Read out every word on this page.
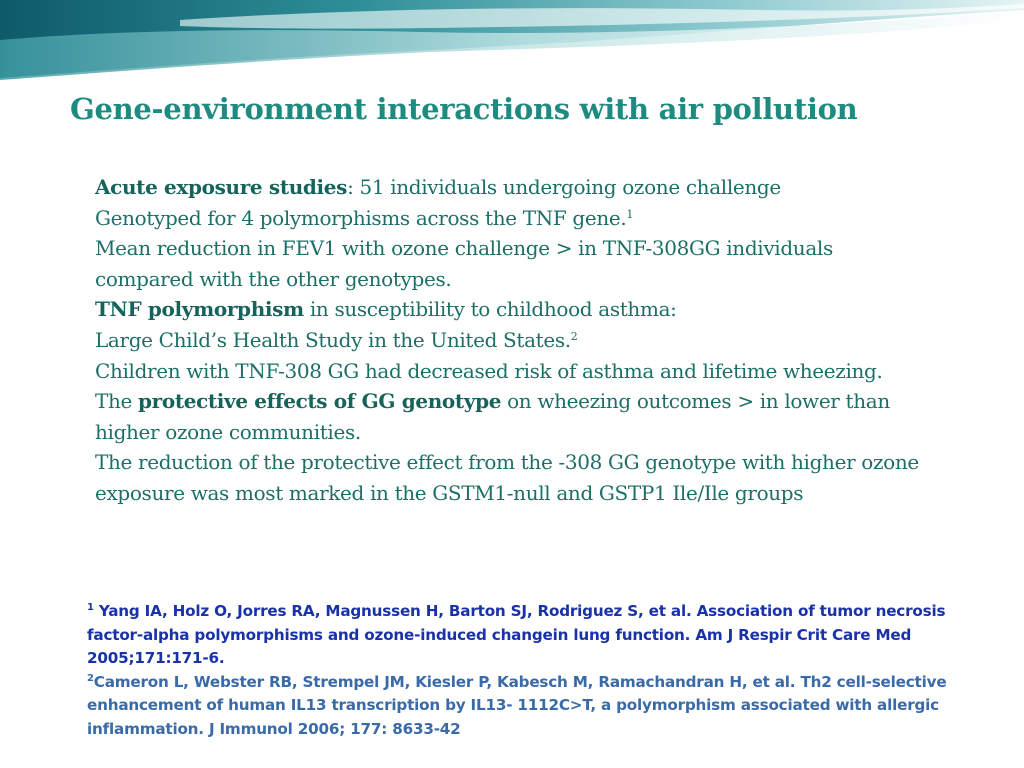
Gene-environment interactions with air pollution

Acute exposure studies: 51 individuals undergoing ozone challenge

Genotyped for 4 polymorphisms across the TNF gene.$^1$

Mean reduction in FEV1 with ozone challenge > in TNF-308GG individuals compared with the other genotypes.

TNF polymorphism in susceptibility to childhood asthma:

Large Child’s Health Study in the United States.$^2$

Children with TNF-308 GG had decreased risk of asthma and lifetime wheezing.

The protective effects of GG genotype on wheezing outcomes > in lower than higher ozone communities.

The reduction of the protective effect from the -308 GG genotype with higher ozone exposure was most marked in the GSTM1-null and GSTP1 Ile/Ile groups

$^1$ Yang IA, Holz O, Jorres RA, Magnussen H, Barton SJ, Rodriguez S, et al. Association of tumor necrosis factor-alpha polymorphisms and ozone-induced changein lung function. Am J Respir Crit Care Med 2005;171:171-6.

$^2$Cameron L, Webster RB, Strempel JM, Kiesler P, Kabesch M, Ramachandran H, et al. Th2 cell-selective enhancement of human IL13 transcription by IL13- 1112C>T, a polymorphism associated with allergic inflammation. J Immunol 2006; 177: 8633-42
